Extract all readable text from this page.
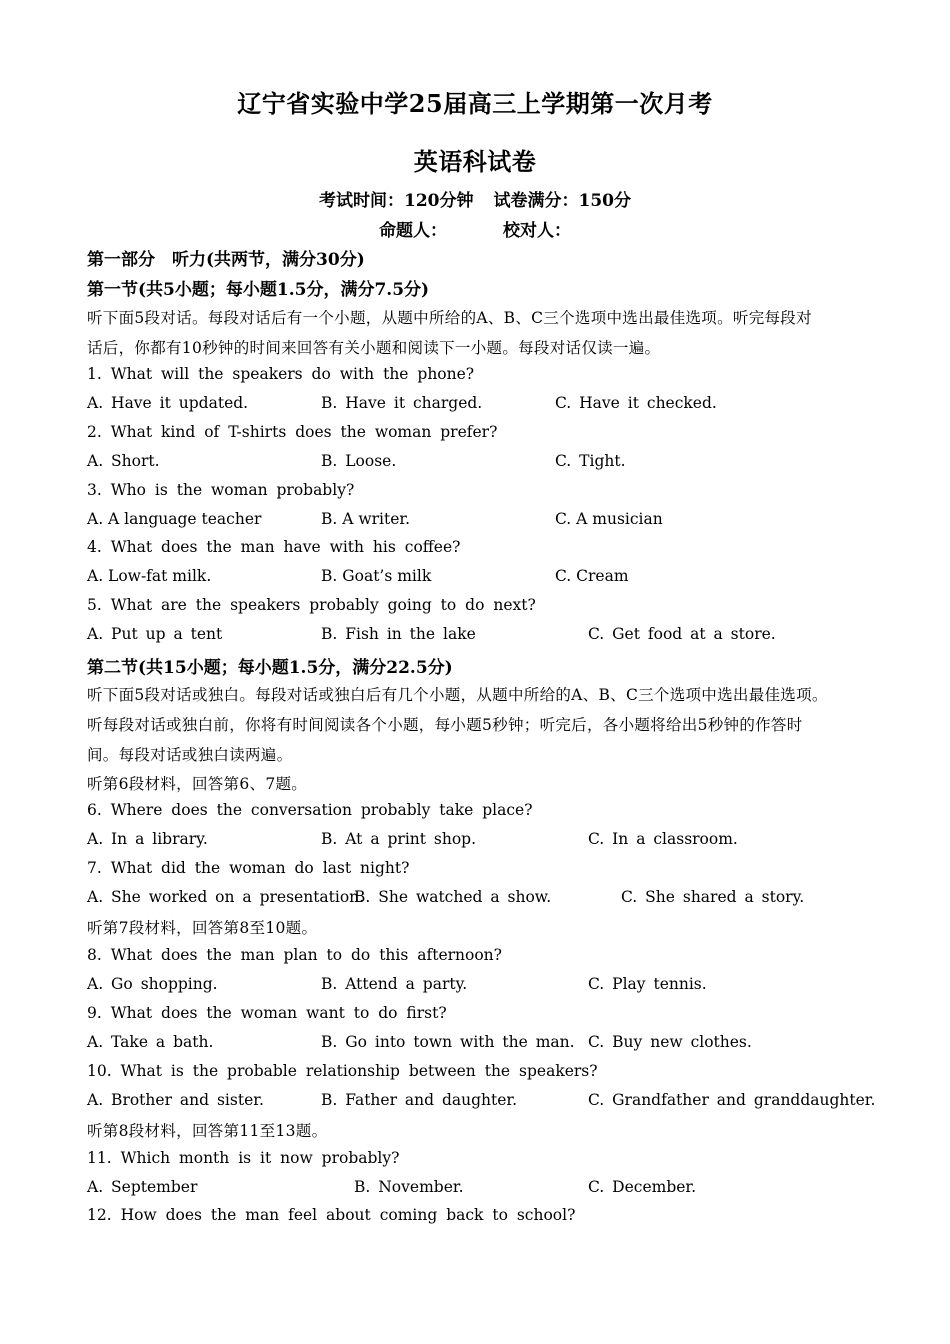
辽宁省实验中学25届高三上学期第一次月考
英语科试卷
考试时间：120分钟 试卷满分：150分
命题人：	校对人：
第一部分　听力(共两节，满分30分)
第一节(共5小题；每小题1.5分，满分7.5分)
听下面5段对话。每段对话后有一个小题，从题中所给的A、B、C三个选项中选出最佳选项。听完每段对
话后，你都有10秒钟的时间来回答有关小题和阅读下一小题。每段对话仅读一遍。
1. What will the speakers do with the phone?
A. Have it updated.	B. Have it charged.	C. Have it checked.
2. What kind of T-shirts does the woman prefer?
A. Short.	B. Loose.	C. Tight.
3. Who is the woman probably?
A. A language teacher	B. A writer.	C. A musician
4. What does the man have with his coffee?
A. Low-fat milk.	B. Goat’s milk	C. Cream
5. What are the speakers probably going to do next?
A. Put up a tent	B. Fish in the lake	C. Get food at a store.
第二节(共15小题；每小题1.5分，满分22.5分)
听下面5段对话或独白。每段对话或独白后有几个小题，从题中所给的A、B、C三个选项中选出最佳选项。
听每段对话或独白前，你将有时间阅读各个小题，每小题5秒钟；听完后，各小题将给出5秒钟的作答时
间。每段对话或独白读两遍。
听第6段材料，回答第6、7题。
6. Where does the conversation probably take place?
A. In a library.	B. At a print shop.	C. In a classroom.
7. What did the woman do last night?
A. She worked on a presentation.
B. She watched a show.	C. She shared a story.
听第7段材料，回答第8至10题。
8. What does the man plan to do this afternoon?
A. Go shopping.	B. Attend a party.	C. Play tennis.
9. What does the woman want to do first?
A. Take a bath.	B. Go into town with the man. C. Buy new clothes.
10. What is the probable relationship between the speakers?
A. Brother and sister.	B. Father and daughter.	C. Grandfather and granddaughter.
听第8段材料，回答第11至13题。
11. Which month is it now probably?
A. September	B. November.	C. December.
12. How does the man feel about coming back to school?
